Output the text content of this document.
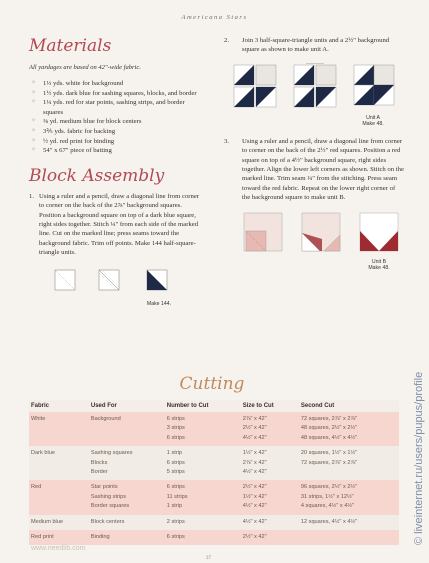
Americana Stars
Materials
All yardages are based on 42"-wide fabric.
✧ 1⅓ yds. white for background
✧ 1½ yds. dark blue for sashing squares, blocks, and border
✧ 1¼ yds. red for star points, sashing strips, and border squares
✧ ⅜ yd. medium blue for block centers
✧ 3⅖ yds. fabric for backing
✧ ½ yd. red print for binding
✧ 54" x 67" piece of batting
Block Assembly
1. Using a ruler and a pencil, draw a diagonal line from corner to corner on the back of the 2⅞" background squares. Position a background square on top of a dark blue square, right sides together. Stitch ¼" from each side of the marked line. Cut on the marked line; press seams toward the background fabric. Trim off points. Make 144 half-square-triangle units.
Make 144.
2.	Join 3 half-square-triangle units and a 2½" background square as shown to make unit A.
Unit A
Make 48.
3.	Using a ruler and a pencil, draw a diagonal line from corner to corner on the back of the 2½" red squares. Position a red square on top of a 4½" background square, right sides together. Align the lower left corners as shown. Stitch on the marked line. Trim seam ¼" from the stitching. Press seam toward the red fabric. Repeat on the lower right corner of the background square to make unit B.
Unit B
Make 48.
Cutting
Fabric	Used For	Number to Cut	Size to Cut	Second Cut
White	Background	6 strips	2⅞" x 42"	72 squares, 2⅞" x 2⅞"
		3 strips	2½" x 42"	48 squares, 2½" x 2½"
		6 strips	4½" x 42"	48 squares, 4½" x 4½"
Dark blue	Sashing squares	1 strip	1½" x 42"	20 squares, 1½" x 1½"
	Blocks	6 strips	2⅞" x 42"	72 squares, 2⅞" x 2⅞"
	Border	5 strips	4½" x 42"	
Red	Star points	6 strips	2½" x 42"	96 squares, 2½" x 2½"
	Sashing strips	11 strips	1½" x 42"	31 strips, 1½" x 12½"
	Border squares	1 strip	4½" x 42"	4 squares, 4½" x 4½"
Medium blue	Block centers	2 strips	4½" x 42"	12 squares, 4½" x 4½"
Red print	Binding	6 strips	2½" x 42"	
www.needlib.com
37
© liveinternet.ru/users/pupus/profile
